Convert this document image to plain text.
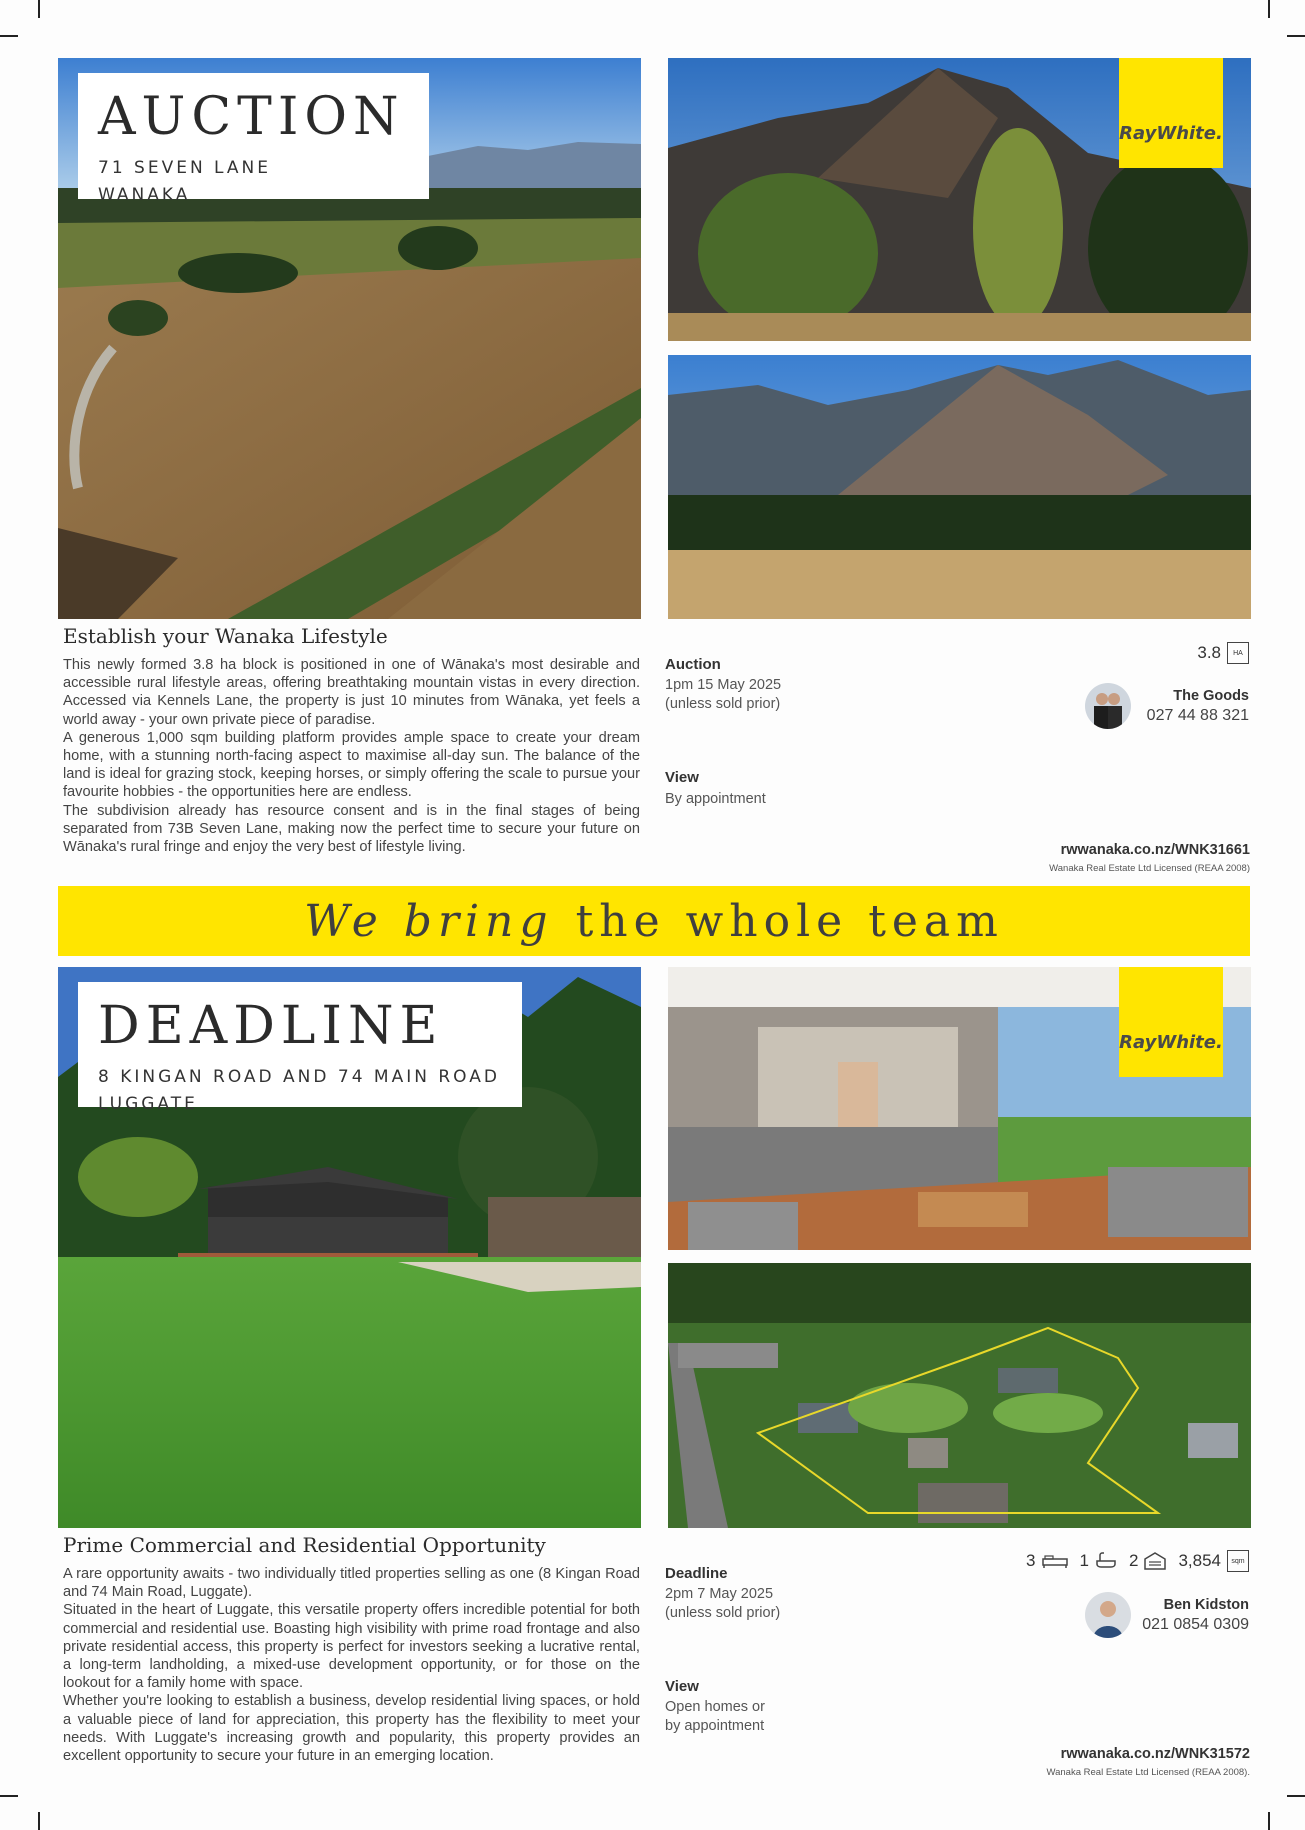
AUCTION
71 SEVEN LANE
WANAKA
RayWhite.
Establish your Wanaka Lifestyle

This newly formed 3.8 ha block is positioned in one of Wānaka's most desirable and accessible rural lifestyle areas, offering breathtaking mountain vistas in every direction. Accessed via Kennels Lane, the property is just 10 minutes from Wānaka, yet feels a world away - your own private piece of paradise.

A generous 1,000 sqm building platform provides ample space to create your dream home, with a stunning north-facing aspect to maximise all-day sun. The balance of the land is ideal for grazing stock, keeping horses, or simply offering the scale to pursue your favourite hobbies - the opportunities here are endless.

The subdivision already has resource consent and is in the final stages of being separated from 73B Seven Lane, making now the perfect time to secure your future on Wānaka's rural fringe and enjoy the very best of lifestyle living.

Auction
1pm 15 May 2025
(unless sold prior)
View
By appointment
3.8	HA
The Goods
027 44 88 321
rwwanaka.co.nz/WNK31661
Wanaka Real Estate Ltd Licensed (REAA 2008)
We bring the whole team
DEADLINE
8 KINGAN ROAD AND 74 MAIN ROAD
LUGGATE
RayWhite.
Prime Commercial and Residential Opportunity

A rare opportunity awaits - two individually titled properties selling as one (8 Kingan Road and 74 Main Road, Luggate).

Situated in the heart of Luggate, this versatile property offers incredible potential for both commercial and residential use. Boasting high visibility with prime road frontage and also private residential access, this property is perfect for investors seeking a lucrative rental, a long-term landholding, a mixed-use development opportunity, or for those on the lookout for a family home with space.

Whether you're looking to establish a business, develop residential living spaces, or hold a valuable piece of land for appreciation, this property has the flexibility to meet your needs. With Luggate's increasing growth and popularity, this property provides an excellent opportunity to secure your future in an emerging location.

Deadline
2pm 7 May 2025
(unless sold prior)
View
Open homes or
by appointment
3	1 2 3,854	sqm
Ben Kidston
021 0854 0309
rwwanaka.co.nz/WNK31572
Wanaka Real Estate Ltd Licensed (REAA 2008).
